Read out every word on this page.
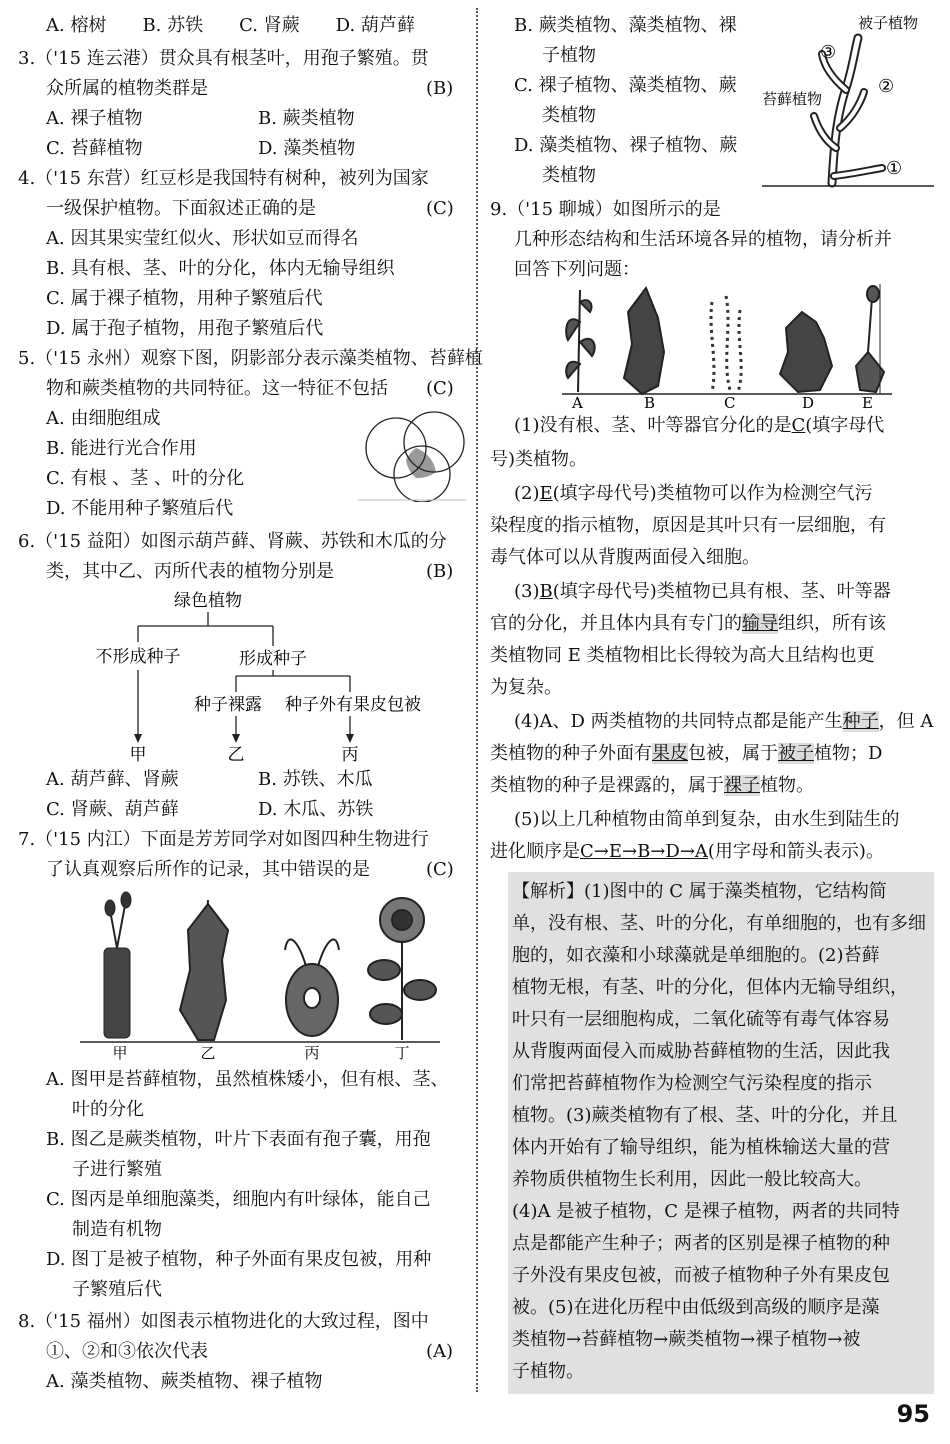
A. 榕树　　B. 苏铁　　C. 肾蕨　　D. 葫芦藓
3.（'15 连云港）贯众具有根茎叶，用孢子繁殖。贯
众所属的植物类群是	(B)
A. 裸子植物	B. 蕨类植物
C. 苔藓植物	D. 藻类植物
4.（'15 东营）红豆杉是我国特有树种，被列为国家
一级保护植物。下面叙述正确的是	(C)
A. 因其果实莹红似火、形状如豆而得名
B. 具有根、茎、叶的分化，体内无输导组织
C. 属于裸子植物，用种子繁殖后代
D. 属于孢子植物，用孢子繁殖后代
5.（'15 永州）观察下图，阴影部分表示藻类植物、苔藓植
物和蕨类植物的共同特征。这一特征不包括 (C)
A. 由细胞组成
B. 能进行光合作用
C. 有根 、茎 、叶的分化
D. 不能用种子繁殖后代
6.（'15 益阳）如图示葫芦藓、肾蕨、苏铁和木瓜的分
类，其中乙、丙所代表的植物分别是	(B)
绿色植物
不形成种子	形成种子
种子裸露 种子外有果皮包被
甲	乙	丙
A. 葫芦藓、肾蕨	B. 苏铁、木瓜
C. 肾蕨、葫芦藓	D. 木瓜、苏铁
7.（'15 内江）下面是芳芳同学对如图四种生物进行
了认真观察后所作的记录，其中错误的是	(C)
甲	乙	丙	丁
A. 图甲是苔藓植物，虽然植株矮小，但有根、茎、
叶的分化
B. 图乙是蕨类植物，叶片下表面有孢子囊，用孢
子进行繁殖
C. 图丙是单细胞藻类，细胞内有叶绿体，能自己
制造有机物
D. 图丁是被子植物，种子外面有果皮包被，用种
子繁殖后代
8.（'15 福州）如图表示植物进化的大致过程，图中
①、②和③依次代表	(A)
A. 藻类植物、蕨类植物、裸子植物
B. 蕨类植物、藻类植物、裸
子植物
C. 裸子植物、藻类植物、蕨
类植物
D. 藻类植物、裸子植物、蕨
类植物
被子植物
苔藓植物
③
②
①
9.（'15 聊城）如图所示的是
几种形态结构和生活环境各异的植物，请分析并
回答下列问题：
A	B	C	D	E
(1)没有根、茎、叶等器官分化的是C(填字母代
号)类植物。
(2)E(填字母代号)类植物可以作为检测空气污
染程度的指示植物，原因是其叶只有一层细胞，有
毒气体可以从背腹两面侵入细胞。
(3)B(填字母代号)类植物已具有根、茎、叶等器
官的分化，并且体内具有专门的输导组织，所有该
类植物同 E 类植物相比长得较为高大且结构也更
为复杂。
(4)A、D 两类植物的共同特点都是能产生种子，但 A
类植物的种子外面有果皮包被，属于被子植物；D
类植物的种子是裸露的，属于裸子植物。
(5)以上几种植物由简单到复杂，由水生到陆生的
进化顺序是C→E→B→D→A(用字母和箭头表示)。
【解析】(1)图中的 C 属于藻类植物，它结构简
单，没有根、茎、叶的分化，有单细胞的，也有多细
胞的，如衣藻和小球藻就是单细胞的。(2)苔藓
植物无根，有茎、叶的分化，但体内无输导组织，
叶只有一层细胞构成，二氧化硫等有毒气体容易
从背腹两面侵入而威胁苔藓植物的生活，因此我
们常把苔藓植物作为检测空气污染程度的指示
植物。(3)蕨类植物有了根、茎、叶的分化，并且
体内开始有了输导组织，能为植株输送大量的营
养物质供植物生长利用，因此一般比较高大。
(4)A 是被子植物，C 是裸子植物，两者的共同特
点是都能产生种子；两者的区别是裸子植物的种
子外没有果皮包被，而被子植物种子外有果皮包
被。(5)在进化历程中由低级到高级的顺序是藻
类植物→苔藓植物→蕨类植物→裸子植物→被
子植物。
95
